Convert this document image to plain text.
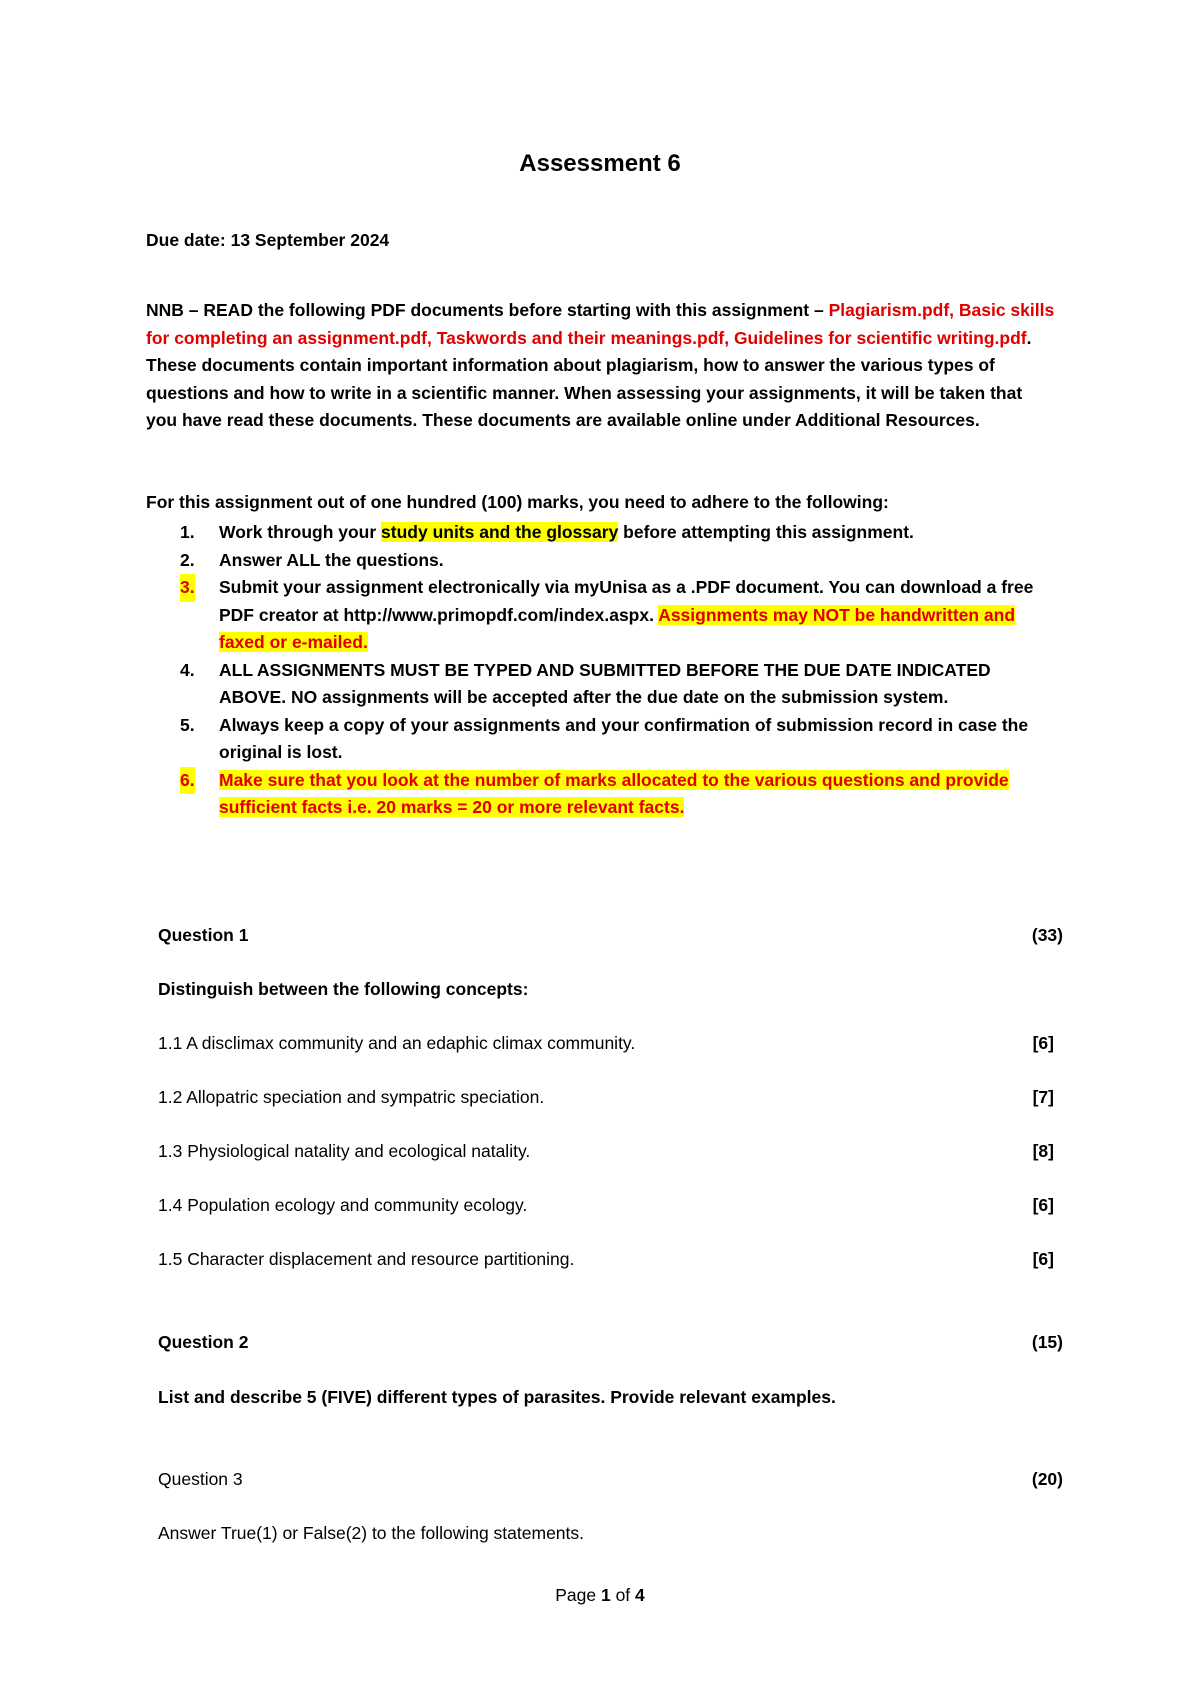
Assessment 6
Due date: 13 September 2024
NNB – READ the following PDF documents before starting with this assignment – Plagiarism.pdf, Basic skills for completing an assignment.pdf, Taskwords and their meanings.pdf, Guidelines for scientific writing.pdf. These documents contain important information about plagiarism, how to answer the various types of questions and how to write in a scientific manner. When assessing your assignments, it will be taken that you have read these documents. These documents are available online under Additional Resources.
For this assignment out of one hundred (100) marks, you need to adhere to the following:
1. Work through your study units and the glossary before attempting this assignment.
2. Answer ALL the questions.
3. Submit your assignment electronically via myUnisa as a .PDF document. You can download a free PDF creator at http://www.primopdf.com/index.aspx. Assignments may NOT be handwritten and faxed or e-mailed.
4. ALL ASSIGNMENTS MUST BE TYPED AND SUBMITTED BEFORE THE DUE DATE INDICATED ABOVE. NO assignments will be accepted after the due date on the submission system.
5. Always keep a copy of your assignments and your confirmation of submission record in case the original is lost.
6. Make sure that you look at the number of marks allocated to the various questions and provide sufficient facts i.e. 20 marks = 20 or more relevant facts.
Question 1	(33)
Distinguish between the following concepts:
1.1 A disclimax community and an edaphic climax community.	[6]
1.2 Allopatric speciation and sympatric speciation.	[7]
1.3 Physiological natality and ecological natality.	[8]
1.4 Population ecology and community ecology.	[6]
1.5 Character displacement and resource partitioning.	[6]
Question 2	(15)
List and describe 5 (FIVE) different types of parasites. Provide relevant examples.
Question 3	(20)
Answer True(1) or False(2) to the following statements.
Page 1 of 4
